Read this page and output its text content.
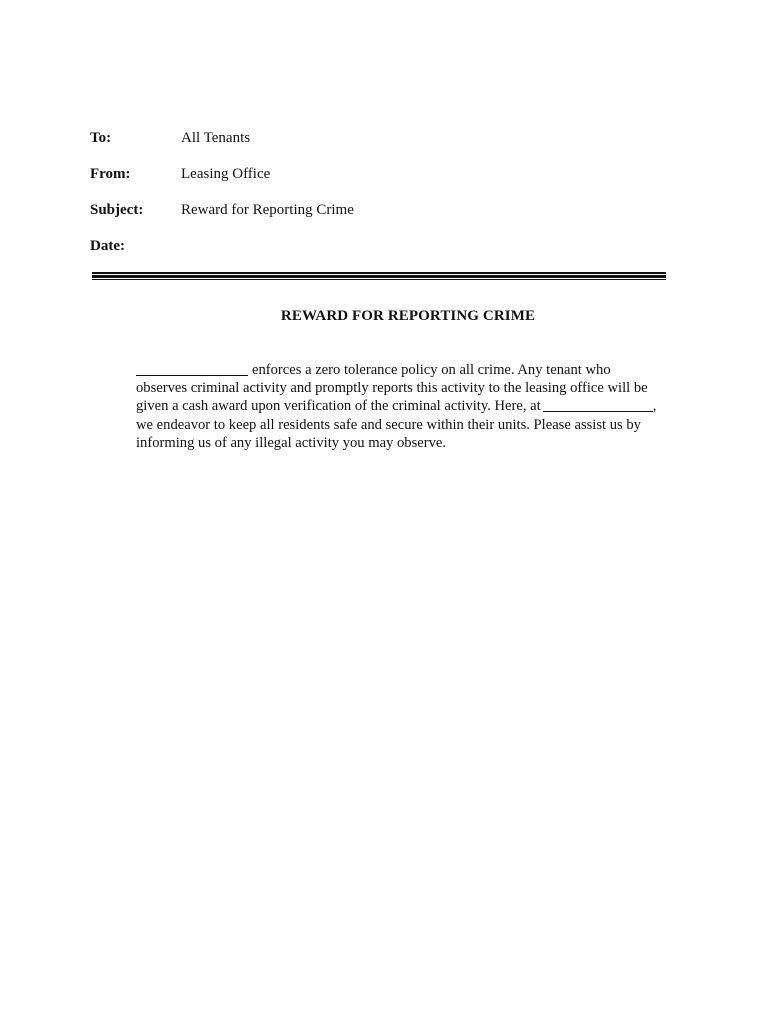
To:	All Tenants
From:	Leasing Office
Subject:	Reward for Reporting Crime
Date:
REWARD FOR REPORTING CRIME
enforces a zero tolerance policy on all crime. Any tenant who
observes criminal activity and promptly reports this activity to the leasing office will be
given a cash award upon verification of the criminal activity. Here, at	,
we endeavor to keep all residents safe and secure within their units. Please assist us by
informing us of any illegal activity you may observe.
